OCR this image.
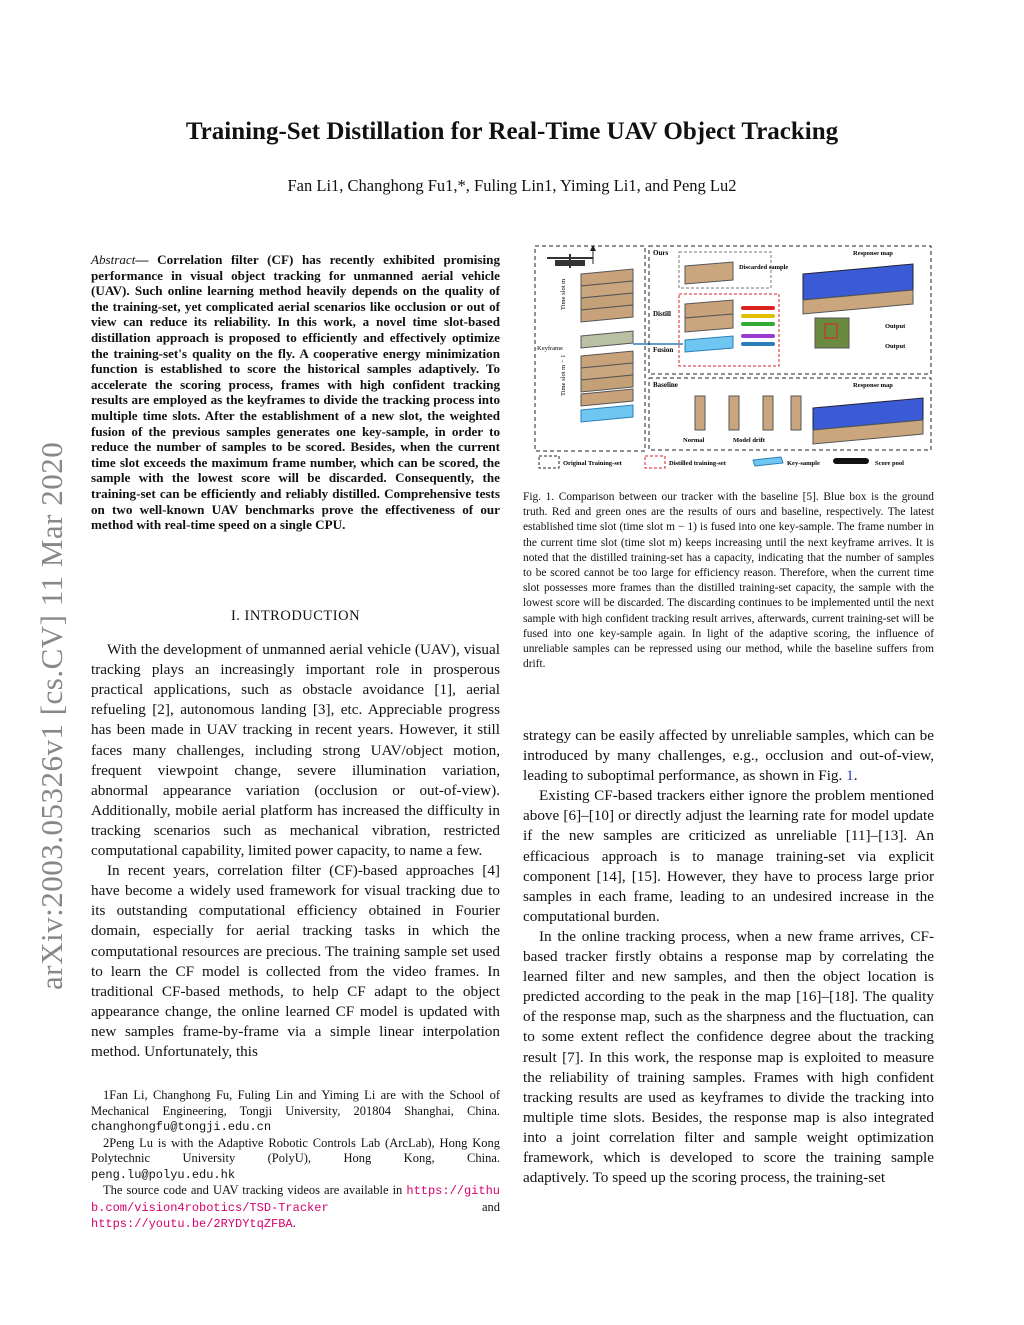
arXiv:2003.05326v1 [cs.CV] 11 Mar 2020
Training-Set Distillation for Real-Time UAV Object Tracking
Fan Li1, Changhong Fu1,*, Fuling Lin1, Yiming Li1, and Peng Lu2
Abstract— Correlation filter (CF) has recently exhibited promising performance in visual object tracking for unmanned aerial vehicle (UAV). Such online learning method heavily depends on the quality of the training-set, yet complicated aerial scenarios like occlusion or out of view can reduce its reliability. In this work, a novel time slot-based distillation approach is proposed to efficiently and effectively optimize the training-set's quality on the fly. A cooperative energy minimization function is established to score the historical samples adaptively. To accelerate the scoring process, frames with high confident tracking results are employed as the keyframes to divide the tracking process into multiple time slots. After the establishment of a new slot, the weighted fusion of the previous samples generates one key-sample, in order to reduce the number of samples to be scored. Besides, when the current time slot exceeds the maximum frame number, which can be scored, the sample with the lowest score will be discarded. Consequently, the training-set can be efficiently and reliably distilled. Comprehensive tests on two well-known UAV benchmarks prove the effectiveness of our method with real-time speed on a single CPU.
I. INTRODUCTION

With the development of unmanned aerial vehicle (UAV), visual tracking plays an increasingly important role in prosperous practical applications, such as obstacle avoidance [1], aerial refueling [2], autonomous landing [3], etc. Appreciable progress has been made in UAV tracking in recent years. However, it still faces many challenges, including strong UAV/object motion, frequent viewpoint change, severe illumination variation, abnormal appearance variation (occlusion or out-of-view). Additionally, mobile aerial platform has increased the difficulty in tracking scenarios such as mechanical vibration, restricted computational capability, limited power capacity, to name a few.

In recent years, correlation filter (CF)-based approaches [4] have become a widely used framework for visual tracking due to its outstanding computational efficiency obtained in Fourier domain, especially for aerial tracking tasks in which the computational resources are precious. The training sample set used to learn the CF model is collected from the video frames. In traditional CF-based methods, to help CF adapt to the object appearance change, the online learned CF model is updated with new samples frame-by-frame via a simple linear interpolation method. Unfortunately, this

1Fan Li, Changhong Fu, Fuling Lin and Yiming Li are with the School of Mechanical Engineering, Tongji University, 201804 Shanghai, China. changhongfu@tongji.edu.cn

2Peng Lu is with the Adaptive Robotic Controls Lab (ArcLab), Hong Kong Polytechnic University (PolyU), Hong Kong, China. peng.lu@polyu.edu.hk

The source code and UAV tracking videos are available in https://github.com/vision4robotics/TSD-Tracker	and https://youtu.be/2RYDYtqZFBA.

Time slot m
Keyframe
Time slot m − 1
Ours
Discarded sample
Distill
Fusion
Response map
Output
Output
Baseline
Normal	Model drift
Response map
Original Training-set	Distilled training-set	Key-sample	Score pool
Fig. 1. Comparison between our tracker with the baseline [5]. Blue box is the ground truth. Red and green ones are the results of ours and baseline, respectively. The latest established time slot (time slot m − 1) is fused into one key-sample. The frame number in the current time slot (time slot m) keeps increasing until the next keyframe arrives. It is noted that the distilled training-set has a capacity, indicating that the number of samples to be scored cannot be too large for efficiency reason. Therefore, when the current time slot possesses more frames than the distilled training-set capacity, the sample with the lowest score will be discarded. The discarding continues to be implemented until the next sample with high confident tracking result arrives, afterwards, current training-set will be fused into one key-sample again. In light of the adaptive scoring, the influence of unreliable samples can be repressed using our method, while the baseline suffers from drift.

strategy can be easily affected by unreliable samples, which can be introduced by many challenges, e.g., occlusion and out-of-view, leading to suboptimal performance, as shown in Fig. 1.

Existing CF-based trackers either ignore the problem mentioned above [6]–[10] or directly adjust the learning rate for model update if the new samples are criticized as unreliable [11]–[13]. An efficacious approach is to manage training-set via explicit component [14], [15]. However, they have to process large prior samples in each frame, leading to an undesired increase in the computational burden.

In the online tracking process, when a new frame arrives, CF-based tracker firstly obtains a response map by correlating the learned filter and new samples, and then the object location is predicted according to the peak in the map [16]–[18]. The quality of the response map, such as the sharpness and the fluctuation, can to some extent reflect the confidence degree about the tracking result [7]. In this work, the response map is exploited to measure the reliability of training samples. Frames with high confident tracking results are used as keyframes to divide the tracking into multiple time slots. Besides, the response map is also integrated into a joint correlation filter and sample weight optimization framework, which is developed to score the training sample adaptively. To speed up the scoring process, the training-set
